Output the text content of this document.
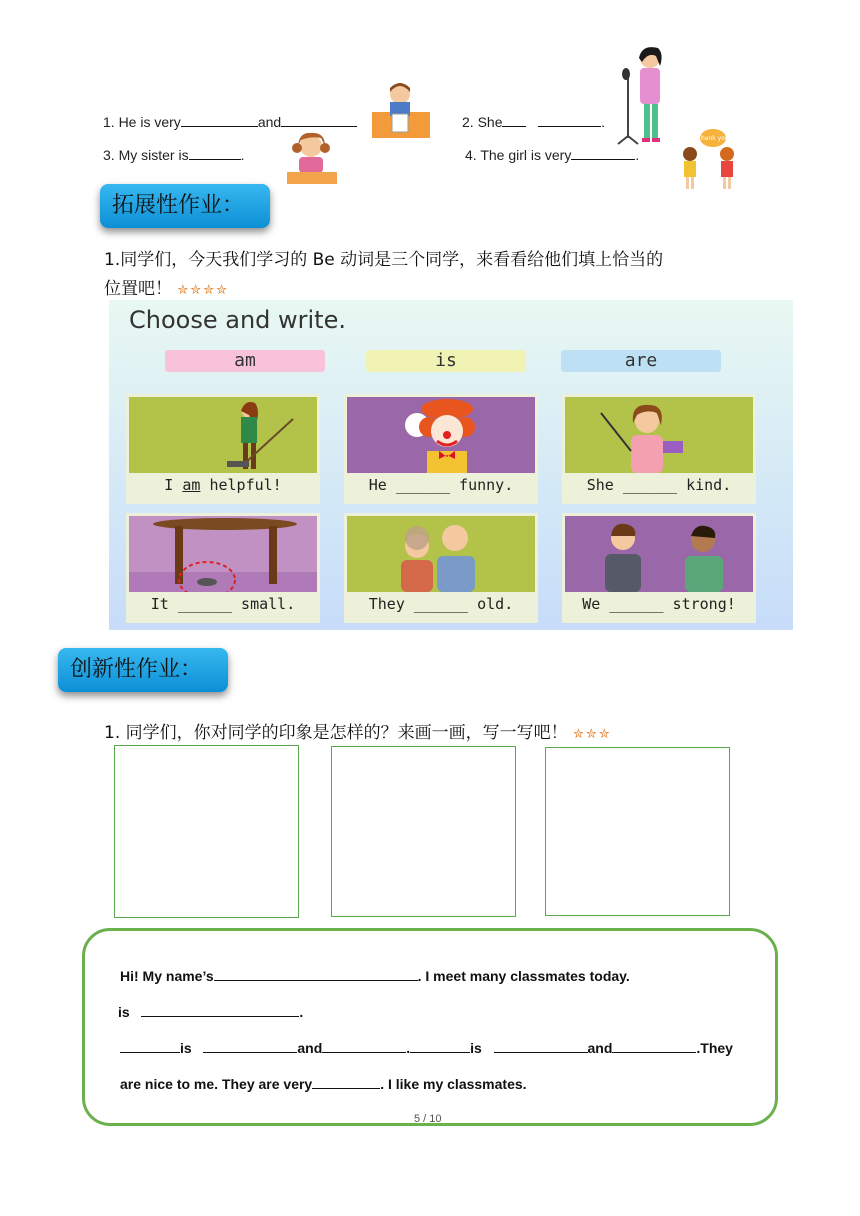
1. He is very	and	2. She	.
3. My sister is	.	4. The girl is very	.
Thank you
拓展性作业：
1.同学们，今天我们学习的 Be 动词是三个同学，来看看给他们填上恰当的
位置吧！ ✮✮✮✮
Choose and write.
am	is	are
I am helpful!	He ______ funny.	She ______ kind.
It ______ small.	They ______ old.	We ______ strong!
创新性作业：
1. 同学们，你对同学的印象是怎样的？来画一画，写一写吧！ ✮✮✮
Hi! My name’s	. I meet many classmates today.
is	.
is	and	.	is	and	.They
are nice to me. They are very	. I like my classmates.
5 / 10
